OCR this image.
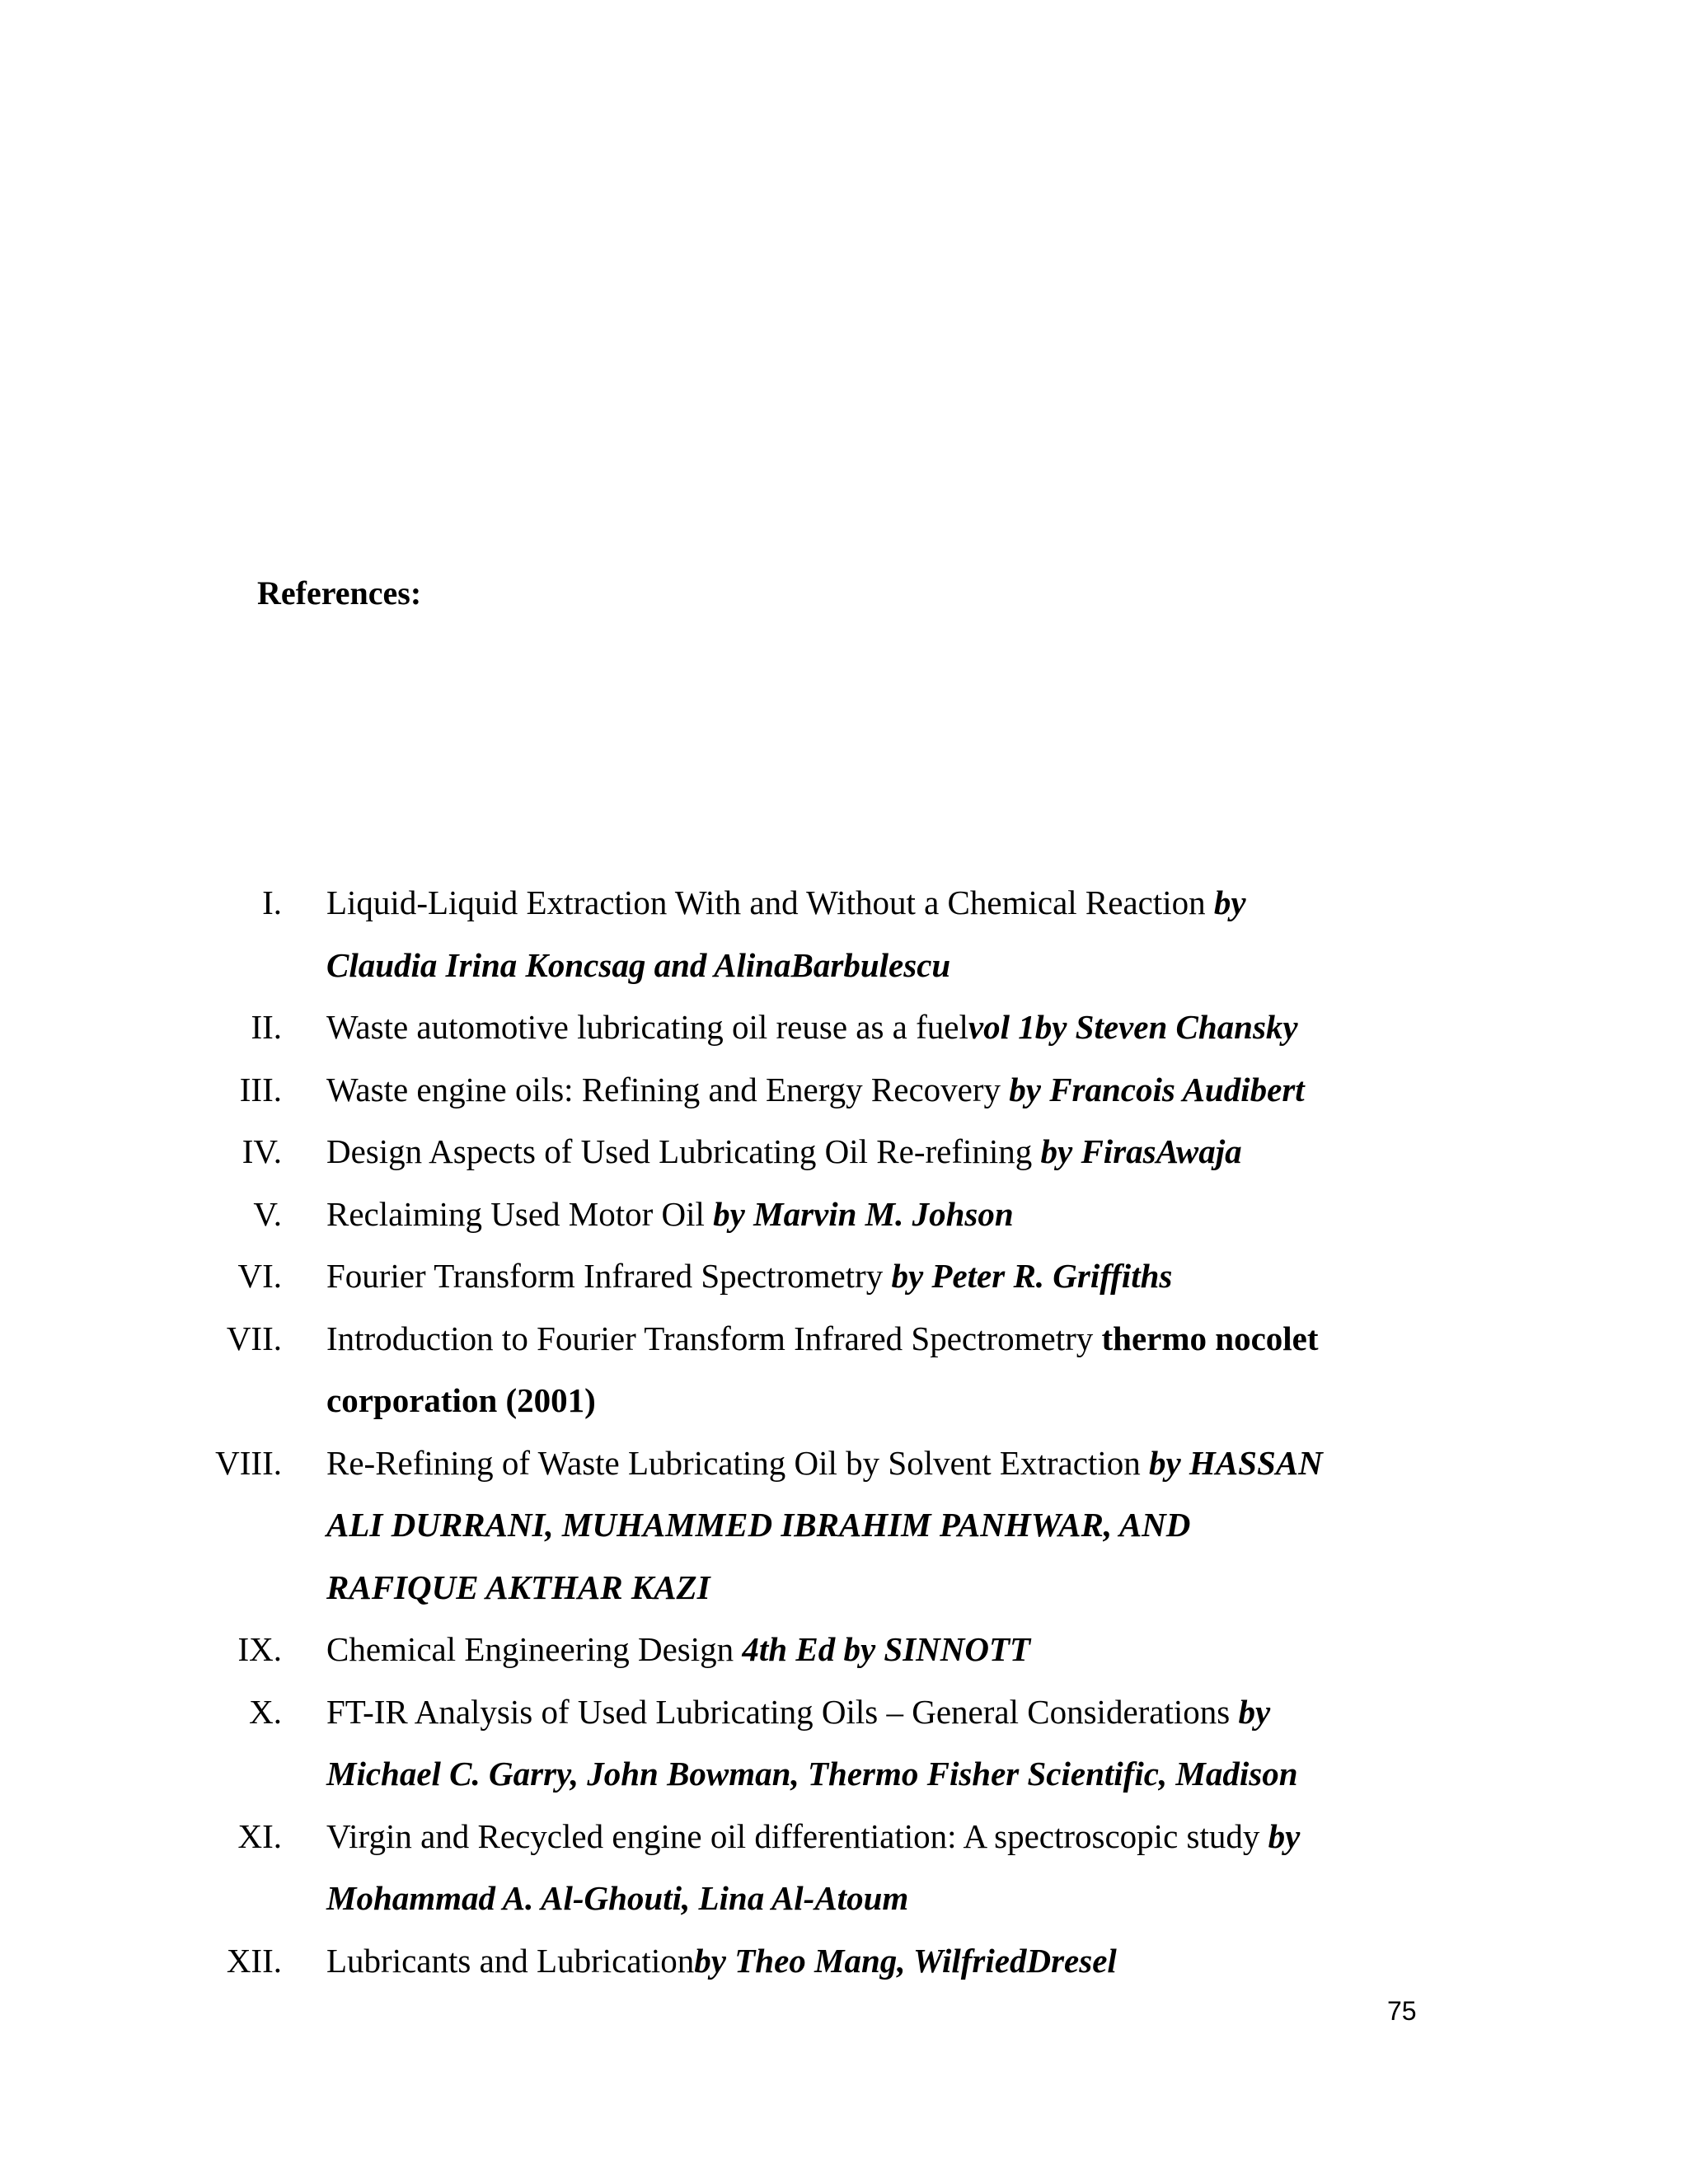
References:
I. Liquid-Liquid Extraction With and Without a Chemical Reaction by
Claudia Irina Koncsag and AlinaBarbulescu
II. Waste automotive lubricating oil reuse as a fuelvol 1by Steven Chansky
III. Waste engine oils: Refining and Energy Recovery by Francois Audibert
IV. Design Aspects of Used Lubricating Oil Re-refining by FirasAwaja
V. Reclaiming Used Motor Oil by Marvin M. Johson
VI. Fourier Transform Infrared Spectrometry by Peter R. Griffiths
VII. Introduction to Fourier Transform Infrared Spectrometry thermo nocolet
corporation (2001)
VIII. Re-Refining of Waste Lubricating Oil by Solvent Extraction by HASSAN
ALI DURRANI, MUHAMMED IBRAHIM PANHWAR, AND
RAFIQUE AKTHAR KAZI
IX. Chemical Engineering Design 4th Ed by SINNOTT
X. FT-IR Analysis of Used Lubricating Oils – General Considerations by
Michael C. Garry, John Bowman, Thermo Fisher Scientific, Madison
XI. Virgin and Recycled engine oil differentiation: A spectroscopic study by
Mohammad A. Al-Ghouti, Lina Al-Atoum
XII. Lubricants and Lubricationby Theo Mang, WilfriedDresel
75
